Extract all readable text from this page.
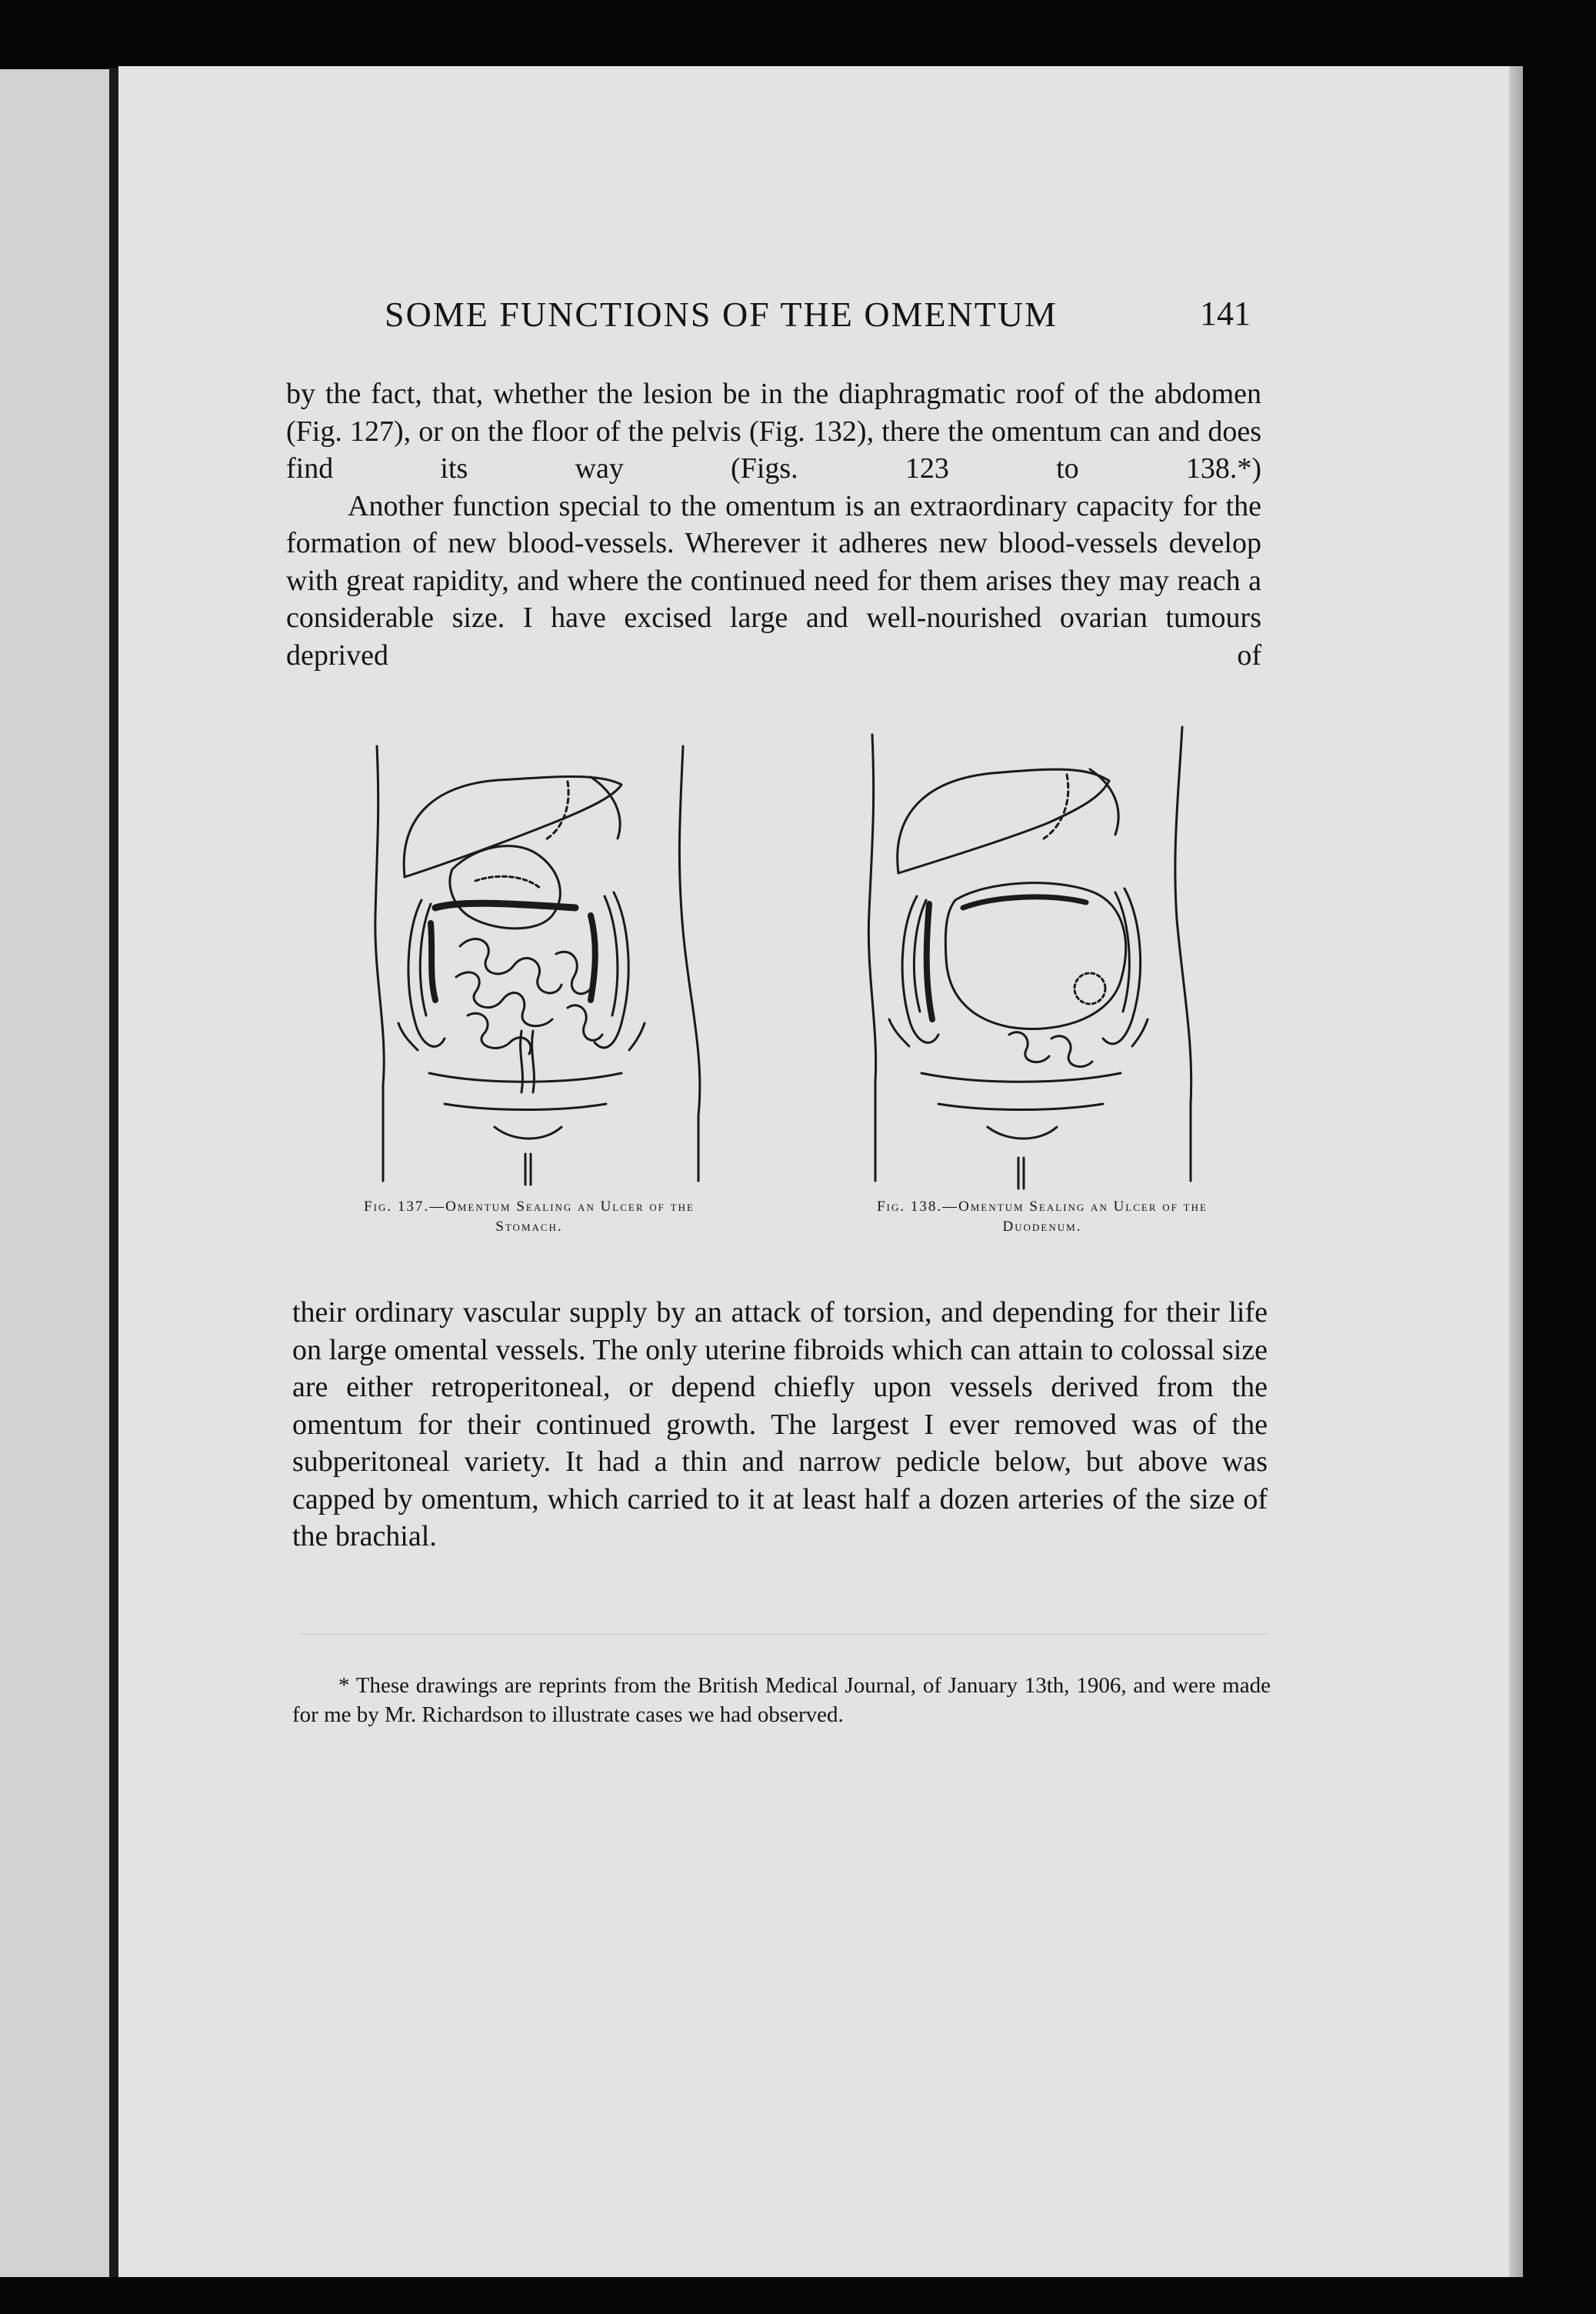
SOME FUNCTIONS OF THE OMENTUM	141

by the fact, that, whether the lesion be in the diaphragmatic roof of the abdomen (Fig. 127), or on the floor of the pelvis (Fig. 132), there the omentum can and does find its way (Figs. 123 to 138.*)

Another function special to the omentum is an extraordinary capacity for the formation of new blood-vessels. Wherever it adheres new blood-vessels develop with great rapidity, and where the continued need for them arises they may reach a considerable size. I have excised large and well-nourished ovarian tumours deprived of

Fig. 137.—Omentum Sealing an Ulcer of the
Stomach.
Fig. 138.—Omentum Sealing an Ulcer of the
Duodenum.

their ordinary vascular supply by an attack of torsion, and depending for their life on large omental vessels. The only uterine fibroids which can attain to colossal size are either retroperitoneal, or depend chiefly upon vessels derived from the omentum for their continued growth. The largest I ever removed was of the subperitoneal variety. It had a thin and narrow pedicle below, but above was capped by omentum, which carried to it at least half a dozen arteries of the size of the brachial.

* These drawings are reprints from the British Medical Journal, of January 13th, 1906, and were made for me by Mr. Richardson to illustrate cases we had observed.
